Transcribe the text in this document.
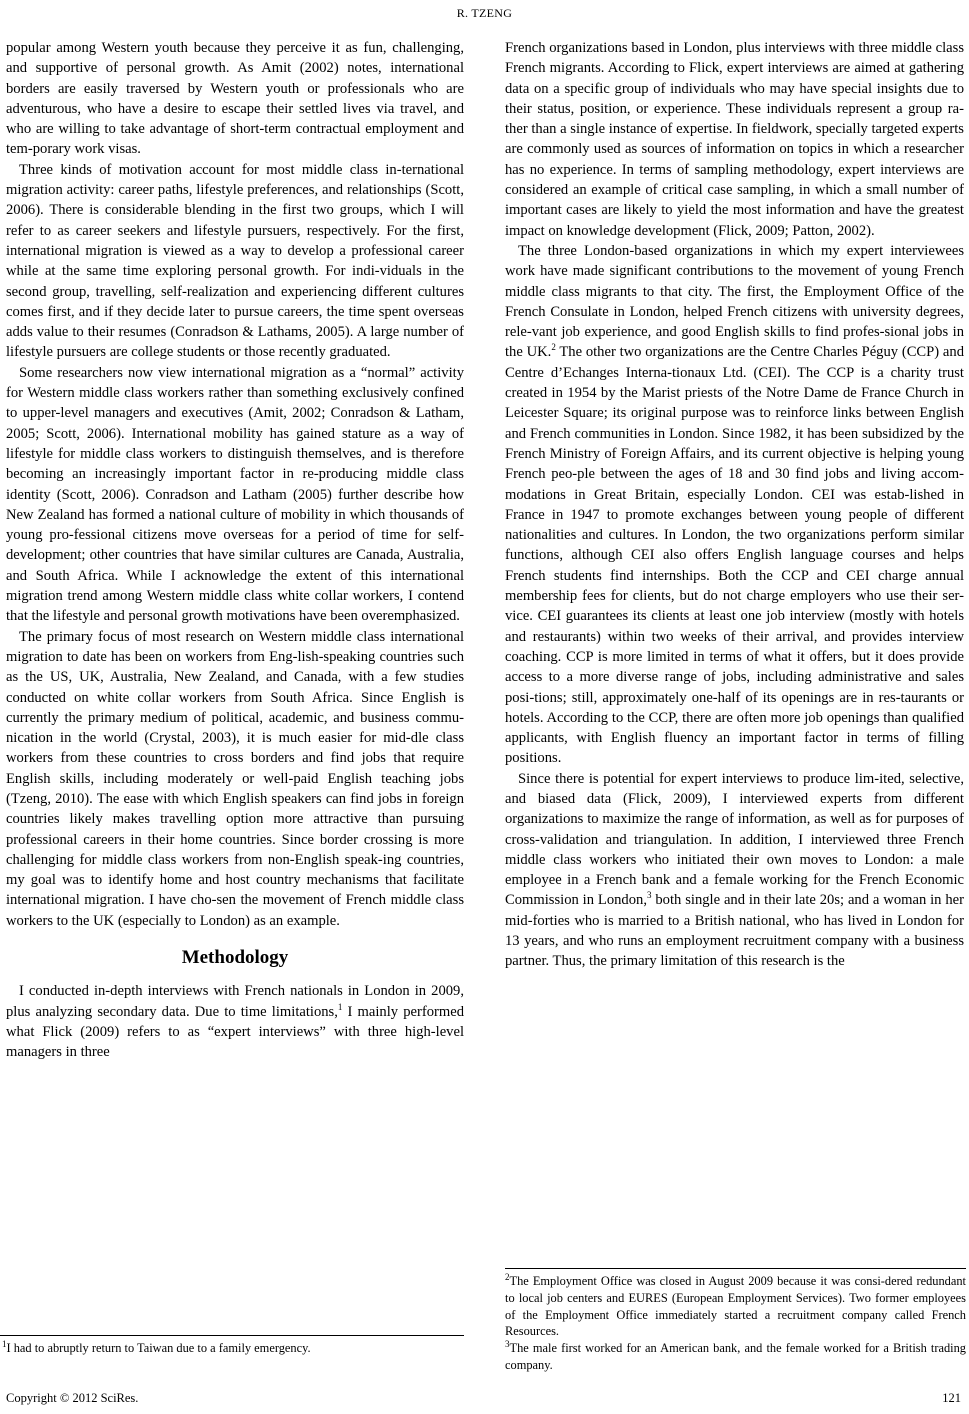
R. TZENG

popular among Western youth because they perceive it as fun, challenging, and supportive of personal growth. As Amit (2002) notes, international borders are easily traversed by Western youth or professionals who are adventurous, who have a desire to escape their settled lives via travel, and who are willing to take advantage of short-term contractual employment and tem-porary work visas.

Three kinds of motivation account for most middle class in-ternational migration activity: career paths, lifestyle preferences, and relationships (Scott, 2006). There is considerable blending in the first two groups, which I will refer to as career seekers and lifestyle pursuers, respectively. For the first, international migration is viewed as a way to develop a professional career while at the same time exploring personal growth. For indi-viduals in the second group, travelling, self-realization and experiencing different cultures comes first, and if they decide later to pursue careers, the time spent overseas adds value to their resumes (Conradson & Lathams, 2005). A large number of lifestyle pursuers are college students or those recently graduated.

Some researchers now view international migration as a “normal” activity for Western middle class workers rather than something exclusively confined to upper-level managers and executives (Amit, 2002; Conradson & Latham, 2005; Scott, 2006). International mobility has gained stature as a way of lifestyle for middle class workers to distinguish themselves, and is therefore becoming an increasingly important factor in re-producing middle class identity (Scott, 2006). Conradson and Latham (2005) further describe how New Zealand has formed a national culture of mobility in which thousands of young pro-fessional citizens move overseas for a period of time for self-development; other countries that have similar cultures are Canada, Australia, and South Africa. While I acknowledge the extent of this international migration trend among Western middle class white collar workers, I contend that the lifestyle and personal growth motivations have been overemphasized.

The primary focus of most research on Western middle class international migration to date has been on workers from Eng-lish-speaking countries such as the US, UK, Australia, New Zealand, and Canada, with a few studies conducted on white collar workers from South Africa. Since English is currently the primary medium of political, academic, and business commu-nication in the world (Crystal, 2003), it is much easier for mid-dle class workers from these countries to cross borders and find jobs that require English skills, including moderately or well-paid English teaching jobs (Tzeng, 2010). The ease with which English speakers can find jobs in foreign countries likely makes travelling option more attractive than pursuing professional careers in their home countries. Since border crossing is more challenging for middle class workers from non-English speak-ing countries, my goal was to identify home and host country mechanisms that facilitate international migration. I have cho-sen the movement of French middle class workers to the UK (especially to London) as an example.

Methodology

I conducted in-depth interviews with French nationals in London in 2009, plus analyzing secondary data. Due to time limitations,$^1$ I mainly performed what Flick (2009) refers to as “expert interviews” with three high-level managers in three

French organizations based in London, plus interviews with three middle class French migrants. According to Flick, expert interviews are aimed at gathering data on a specific group of individuals who may have special insights due to their status, position, or experience. These individuals represent a group ra-ther than a single instance of expertise. In fieldwork, specially targeted experts are commonly used as sources of information on topics in which a researcher has no experience. In terms of sampling methodology, expert interviews are considered an example of critical case sampling, in which a small number of important cases are likely to yield the most information and have the greatest impact on knowledge development (Flick, 2009; Patton, 2002).

The three London-based organizations in which my expert interviewees work have made significant contributions to the movement of young French middle class migrants to that city. The first, the Employment Office of the French Consulate in London, helped French citizens with university degrees, rele-vant job experience, and good English skills to find profes-sional jobs in the UK.$^2$ The other two organizations are the Centre Charles Péguy (CCP) and Centre d’Echanges Interna-tionaux Ltd. (CEI). The CCP is a charity trust created in 1954 by the Marist priests of the Notre Dame de France Church in Leicester Square; its original purpose was to reinforce links between English and French communities in London. Since 1982, it has been subsidized by the French Ministry of Foreign Affairs, and its current objective is helping young French peo-ple between the ages of 18 and 30 find jobs and living accom-modations in Great Britain, especially London. CEI was estab-lished in France in 1947 to promote exchanges between young people of different nationalities and cultures. In London, the two organizations perform similar functions, although CEI also offers English language courses and helps French students find internships. Both the CCP and CEI charge annual membership fees for clients, but do not charge employers who use their ser-vice. CEI guarantees its clients at least one job interview (mostly with hotels and restaurants) within two weeks of their arrival, and provides interview coaching. CCP is more limited in terms of what it offers, but it does provide access to a more diverse range of jobs, including administrative and sales posi-tions; still, approximately one-half of its openings are in res-taurants or hotels. According to the CCP, there are often more job openings than qualified applicants, with English fluency an important factor in terms of filling positions.

Since there is potential for expert interviews to produce lim-ited, selective, and biased data (Flick, 2009), I interviewed experts from different organizations to maximize the range of information, as well as for purposes of cross-validation and triangulation. In addition, I interviewed three French middle class workers who initiated their own moves to London: a male employee in a French bank and a female working for the French Economic Commission in London,$^3$ both single and in their late 20s; and a woman in her mid-forties who is married to a British national, who has lived in London for 13 years, and who runs an employment recruitment company with a business partner. Thus, the primary limitation of this research is the

$^1$I had to abruptly return to Taiwan due to a family emergency.

$^2$The Employment Office was closed in August 2009 because it was consi-dered redundant to local job centers and EURES (European Employment Services). Two former employees of the Employment Office immediately started a recruitment company called French Resources.

$^3$The male first worked for an American bank, and the female worked for a British trading company.

Copyright © 2012 SciRes.	121
